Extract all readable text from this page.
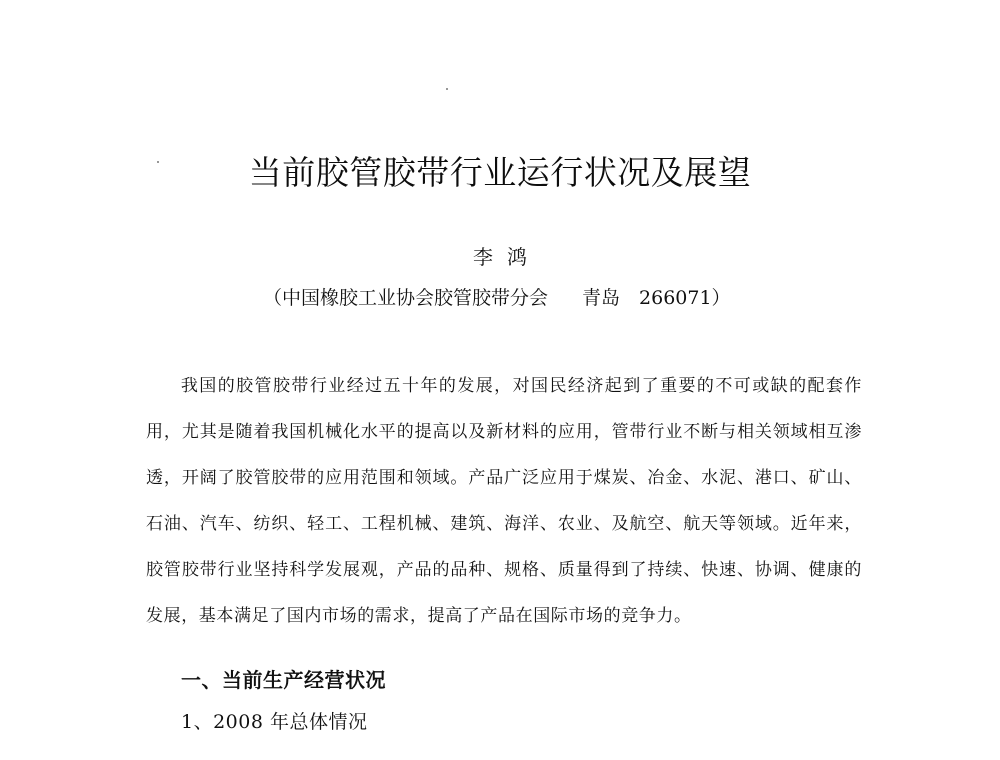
当前胶管胶带行业运行状况及展望
李鸿
（中国橡胶工业协会胶管胶带分会 青岛　266071）
我国的胶管胶带行业经过五十年的发展，对国民经济起到了重要的不可或缺的配套作用，尤其是随着我国机械化水平的提高以及新材料的应用，管带行业不断与相关领域相互渗透，开阔了胶管胶带的应用范围和领域。产品广泛应用于煤炭、冶金、水泥、港口、矿山、石油、汽车、纺织、轻工、工程机械、建筑、海洋、农业、及航空、航天等领域。近年来，胶管胶带行业坚持科学发展观，产品的品种、规格、质量得到了持续、快速、协调、健康的发展，基本满足了国内市场的需求，提高了产品在国际市场的竞争力。
一、当前生产经营状况
1、2008 年总体情况
